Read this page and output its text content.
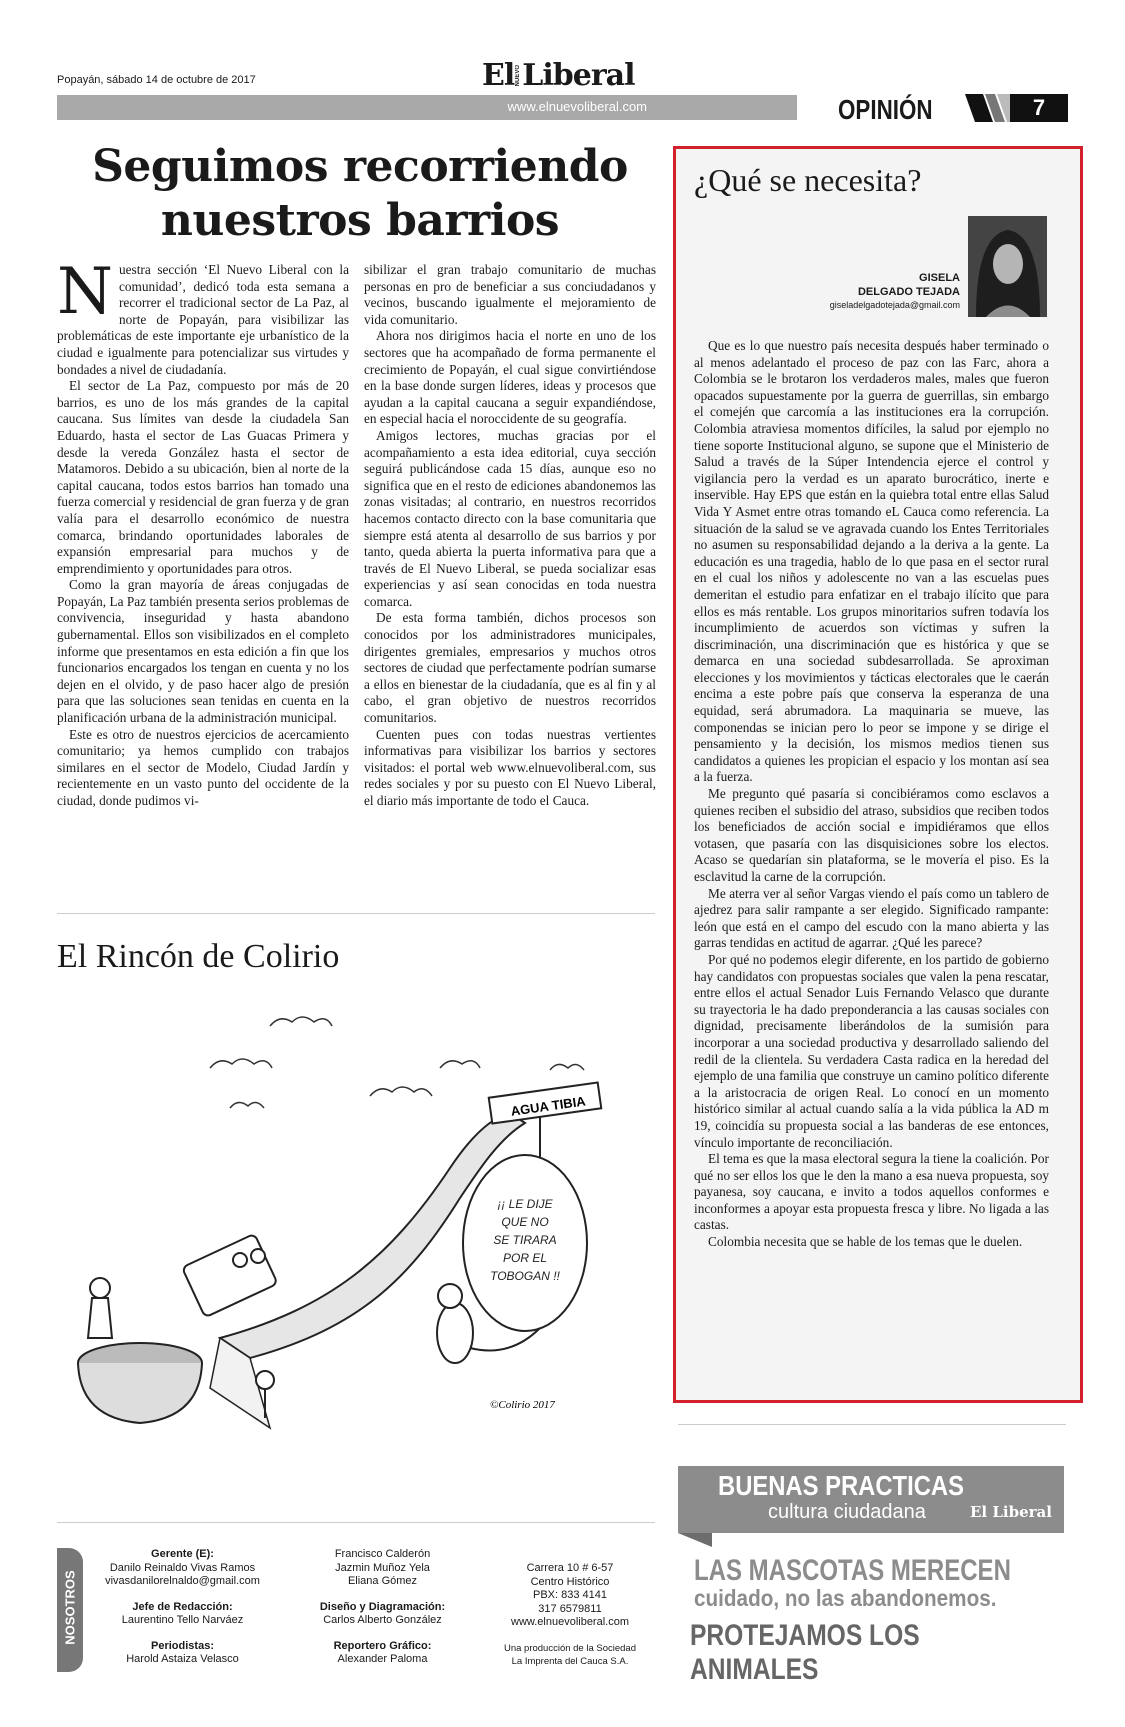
Popayán, sábado 14 de octubre de 2017	El NUEVO Liberal
www.elnuevoliberal.com	OPINIÓN	7
Seguimos recorriendo
nuestros barrios
N uestra sección ‘El Nuevo Liberal con la comunidad’, dedicó toda esta semana a recorrer el tradicional sector de La Paz, al norte de Popayán, para visibilizar las problemáticas de este importante eje urbanístico de la ciudad e igualmente para potencializar sus virtudes y bondades a nivel de ciudadanía.

El sector de La Paz, compuesto por más de 20 barrios, es uno de los más grandes de la capital caucana. Sus límites van desde la ciudadela San Eduardo, hasta el sector de Las Guacas Primera y desde la vereda González hasta el sector de Matamoros. Debido a su ubicación, bien al norte de la capital caucana, todos estos barrios han tomado una fuerza comercial y residencial de gran fuerza y de gran valía para el desarrollo económico de nuestra comarca, brindando oportunidades laborales de expansión empresarial para muchos y de emprendimiento y oportunidades para otros.

Como la gran mayoría de áreas conjugadas de Popayán, La Paz también presenta serios problemas de convivencia, inseguridad y hasta abandono gubernamental. Ellos son visibilizados en el completo informe que presentamos en esta edición a fin que los funcionarios encargados los tengan en cuenta y no los dejen en el olvido, y de paso hacer algo de presión para que las soluciones sean tenidas en cuenta en la planificación urbana de la administración municipal.

Este es otro de nuestros ejercicios de acercamiento comunitario; ya hemos cumplido con trabajos similares en el sector de Modelo, Ciudad Jardín y recientemente en un vasto punto del occidente de la ciudad, donde pudimos vi-

sibilizar el gran trabajo comunitario de muchas personas en pro de beneficiar a sus conciudadanos y vecinos, buscando igualmente el mejoramiento de vida comunitario.

Ahora nos dirigimos hacia el norte en uno de los sectores que ha acompañado de forma permanente el crecimiento de Popayán, el cual sigue convirtiéndose en la base donde surgen líderes, ideas y procesos que ayudan a la capital caucana a seguir expandiéndose, en especial hacia el noroccidente de su geografía.

Amigos lectores, muchas gracias por el acompañamiento a esta idea editorial, cuya sección seguirá publicándose cada 15 días, aunque eso no significa que en el resto de ediciones abandonemos las zonas visitadas; al contrario, en nuestros recorridos hacemos contacto directo con la base comunitaria que siempre está atenta al desarrollo de sus barrios y por tanto, queda abierta la puerta informativa para que a través de El Nuevo Liberal, se pueda socializar esas experiencias y así sean conocidas en toda nuestra comarca.

De esta forma también, dichos procesos son conocidos por los administradores municipales, dirigentes gremiales, empresarios y muchos otros sectores de ciudad que perfectamente podrían sumarse a ellos en bienestar de la ciudadanía, que es al fin y al cabo, el gran objetivo de nuestros recorridos comunitarios.

Cuenten pues con todas nuestras vertientes informativas para visibilizar los barrios y sectores visitados: el portal web www.elnuevoliberal.com, sus redes sociales y por su puesto con El Nuevo Liberal, el diario más importante de todo el Cauca.

El Rincón de Colirio
AGUA TIBIA
¡¡ LE DIJE
QUE NO
SE TIRARA
POR EL
TOBOGAN !!
©Colirio 2017
¿Qué se necesita?
GISELA
DELGADO TEJADA
giseladelgadotejada@gmail.com

Que es lo que nuestro país necesita después haber terminado o al menos adelantado el proceso de paz con las Farc, ahora a Colombia se le brotaron los verdaderos males, males que fueron opacados supuestamente por la guerra de guerrillas, sin embargo el comején que carcomía a las instituciones era la corrupción. Colombia atraviesa momentos difíciles, la salud por ejemplo no tiene soporte Institucional alguno, se supone que el Ministerio de Salud a través de la Súper Intendencia ejerce el control y vigilancia pero la verdad es un aparato burocrático, inerte e inservible. Hay EPS que están en la quiebra total entre ellas Salud Vida Y Asmet entre otras tomando eL Cauca como referencia. La situación de la salud se ve agravada cuando los Entes Territoriales no asumen su responsabilidad dejando a la deriva a la gente. La educación es una tragedia, hablo de lo que pasa en el sector rural en el cual los niños y adolescente no van a las escuelas pues demeritan el estudio para enfatizar en el trabajo ilícito que para ellos es más rentable. Los grupos minoritarios sufren todavía los incumplimiento de acuerdos son víctimas y sufren la discriminación, una discriminación que es histórica y que se demarca en una sociedad subdesarrollada. Se aproximan elecciones y los movimientos y tácticas electorales que le caerán encima a este pobre país que conserva la esperanza de una equidad, será abrumadora. La maquinaria se mueve, las componendas se inician pero lo peor se impone y se dirige el pensamiento y la decisión, los mismos medios tienen sus candidatos a quienes les propician el espacio y los montan así sea a la fuerza.

Me pregunto qué pasaría si concibiéramos como esclavos a quienes reciben el subsidio del atraso, subsidios que reciben todos los beneficiados de acción social e impidiéramos que ellos votasen, que pasaría con las disquisiciones sobre los electos. Acaso se quedarían sin plataforma, se le movería el piso. Es la esclavitud la carne de la corrupción.

Me aterra ver al señor Vargas viendo el país como un tablero de ajedrez para salir rampante a ser elegido. Significado rampante: león que está en el campo del escudo con la mano abierta y las garras tendidas en actitud de agarrar. ¿Qué les parece?

Por qué no podemos elegir diferente, en los partido de gobierno hay candidatos con propuestas sociales que valen la pena rescatar, entre ellos el actual Senador Luis Fernando Velasco que durante su trayectoria le ha dado preponderancia a las causas sociales con dignidad, precisamente liberándolos de la sumisión para incorporar a una sociedad productiva y desarrollado saliendo del redil de la clientela. Su verdadera Casta radica en la heredad del ejemplo de una familia que construye un camino político diferente a la aristocracia de origen Real. Lo conocí en un momento histórico similar al actual cuando salía a la vida pública la AD m 19, coincidía su propuesta social a las banderas de ese entonces, vínculo importante de reconciliación.

El tema es que la masa electoral segura la tiene la coalición. Por qué no ser ellos los que le den la mano a esa nueva propuesta, soy payanesa, soy caucana, e invito a todos aquellos conformes e inconformes a apoyar esta propuesta fresca y libre. No ligada a las castas.

Colombia necesita que se hable de los temas que le duelen.

BUENAS PRACTICAS
cultura ciudadana	El Liberal
LAS MASCOTAS MERECEN
cuidado, no las abandonemos.
PROTEJAMOS LOS ANIMALES
NOSOTROS
Gerente (E):
Danilo Reinaldo Vivas Ramos
vivasdanilorelnaldo@gmail.com
Jefe de Redacción:
Laurentino Tello Narváez
Periodistas:
Harold Astaiza Velasco
Francisco Calderón
Jazmin Muñoz Yela
Eliana Gómez
Diseño y Diagramación:
Carlos Alberto González
Reportero Gráfico:
Alexander Paloma
Carrera 10 # 6-57
Centro Histórico
PBX: 833 4141
317 6579811
www.elnuevoliberal.com
Una producción de la Sociedad
La Imprenta del Cauca S.A.
